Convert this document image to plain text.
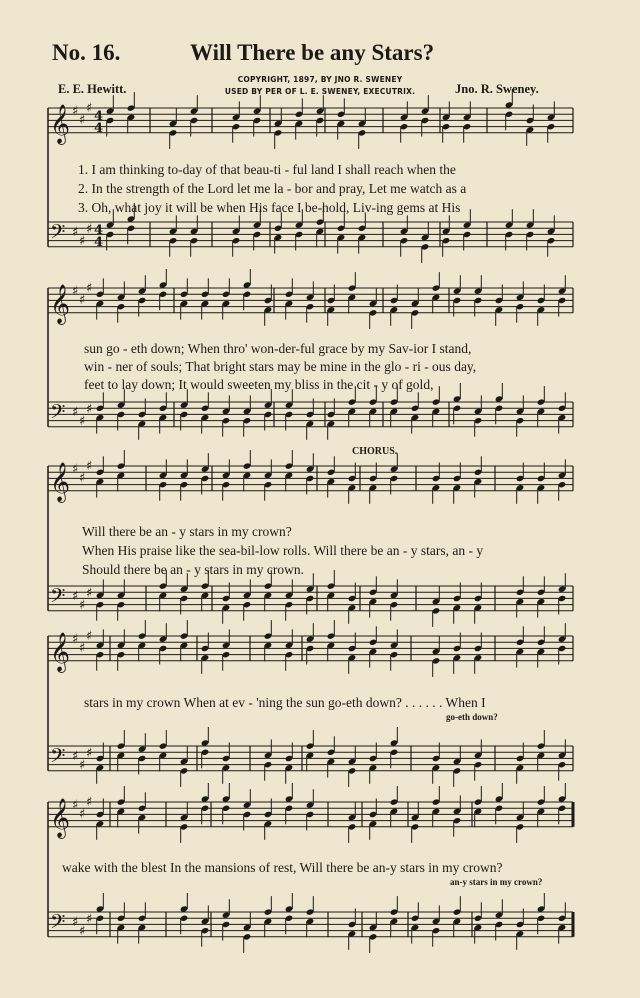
No. 16.	Will There be any Stars?
E. E. Hewitt.	Jno. R. Sweney.
COPYRIGHT, 1897, BY JNO R. SWENEY
USED BY PER OF L. E. SWENEY, EXECUTRIX.
𝄞 ♯
♯
♯
4
4
𝄢 ♯
♯
♯ 4
4
𝄞 ♯
♯
♯
𝄢 ♯
♯
♯
𝄞 ♯
♯
♯
𝄢 ♯
♯
♯
𝄞 ♯
♯
♯
𝄢 ♯
♯
♯
𝄞 ♯
♯
♯
𝄢 ♯
♯
♯
1. I am thinking to-day of that beau-ti - ful land I shall reach when the
2. In the strength of the Lord let me la - bor and pray, Let me watch as a
3. Oh, what joy it will be when His face I be-hold, Liv-ing gems at His
sun go - eth down; When thro' won-der-ful grace by my Sav-ior I stand,
win - ner of souls; That bright stars may be mine in the glo - ri - ous day,
feet to lay down; It would sweeten my bliss in the cit - y of gold,
CHORUS.
Will there be an - y stars in my crown?
When His praise like the sea-bil-low rolls. Will there be an - y stars, an - y
Should there be an - y stars in my crown.
stars in my crown When at ev - 'ning the sun go-eth down? . . . . . . When I
go-eth down?
wake with the blest In the mansions of rest, Will there be an-y stars in my crown?
an-y stars in my crown?
